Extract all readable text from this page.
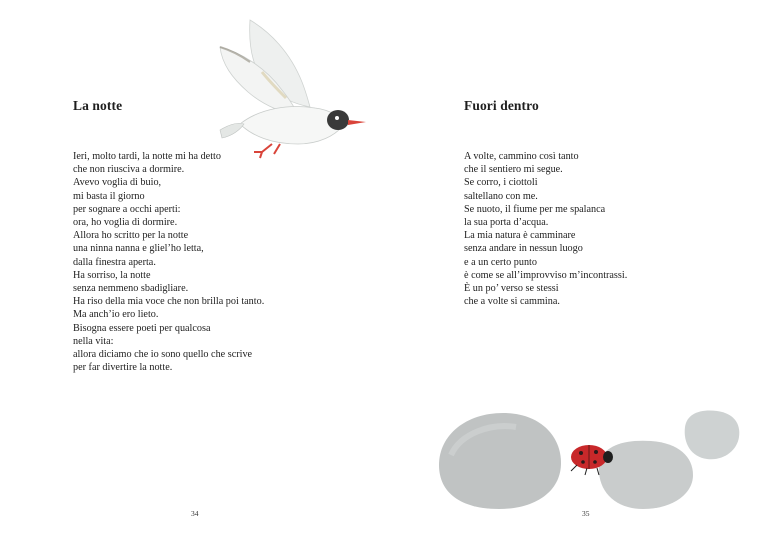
La notte
Ieri, molto tardi, la notte mi ha detto
che non riusciva a dormire.
Avevo voglia di buio,
mi basta il giorno
per sognare a occhi aperti:
ora, ho voglia di dormire.
Allora ho scritto per la notte
una ninna nanna e gliel’ho letta,
dalla finestra aperta.
Ha sorriso, la notte
senza nemmeno sbadigliare.
Ha riso della mia voce che non brilla poi tanto.
Ma anch’io ero lieto.
Bisogna essere poeti per qualcosa
nella vita:
allora diciamo che io sono quello che scrive
per far divertire la notte.
34
Fuori dentro
A volte, cammino così tanto
che il sentiero mi segue.
Se corro, i ciottoli
saltellano con me.
Se nuoto, il fiume per me spalanca
la sua porta d’acqua.
La mia natura è camminare
senza andare in nessun luogo
e a un certo punto
è come se all’improvviso m’incontrassi.
È un po’ verso se stessi
che a volte si cammina.
35
